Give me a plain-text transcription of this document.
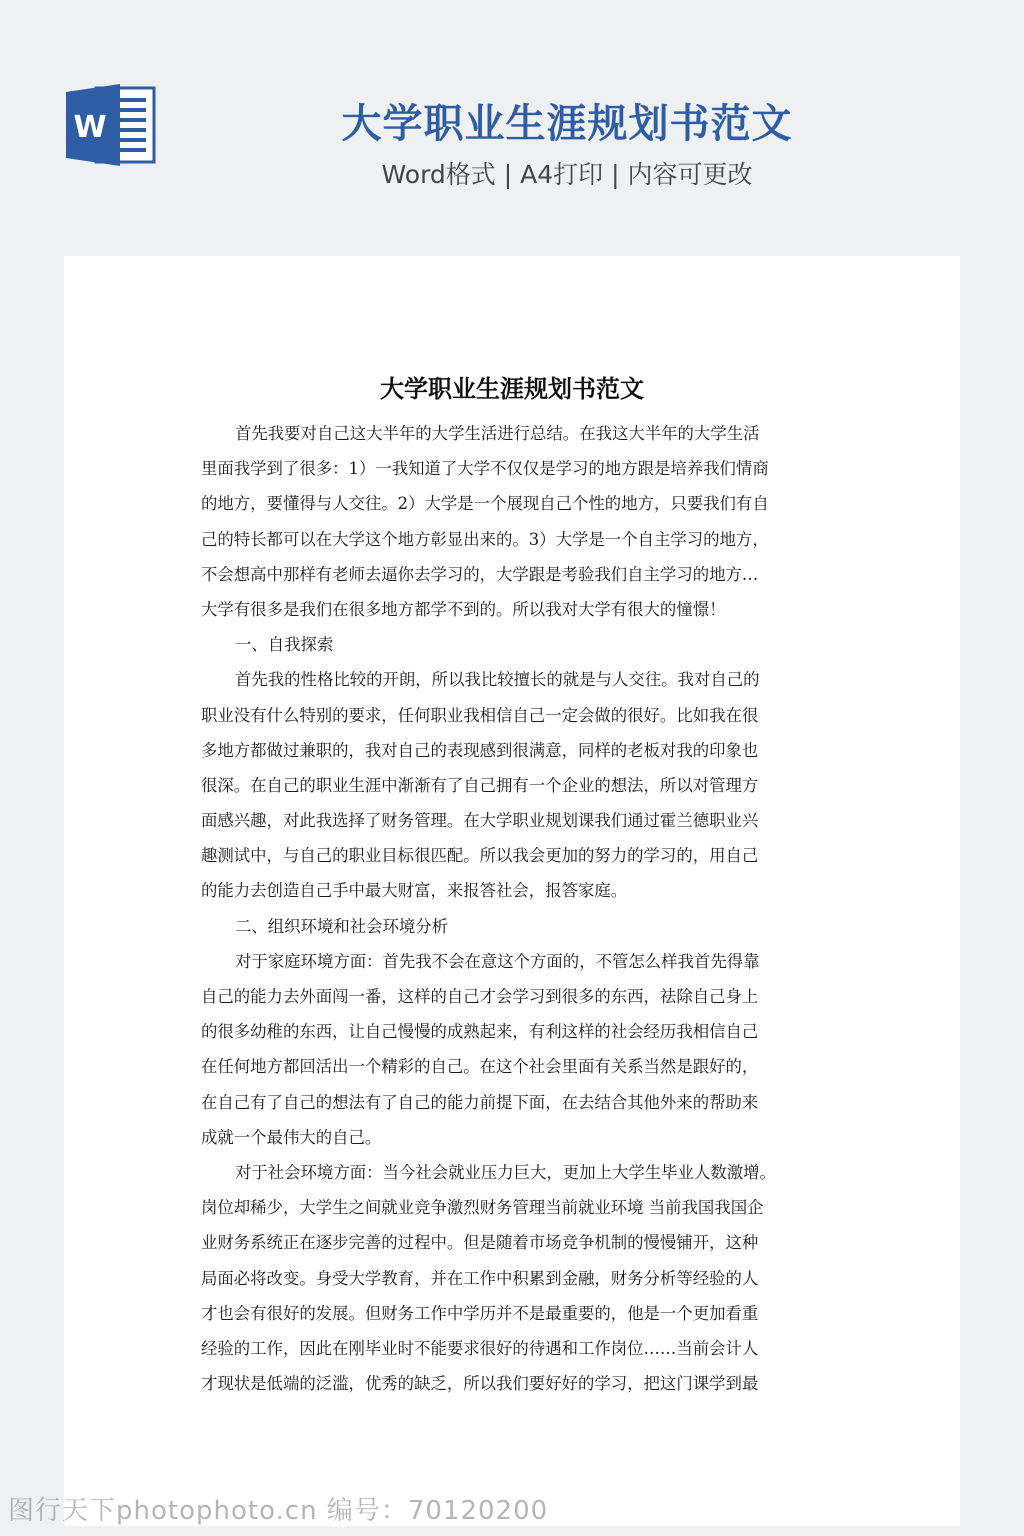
W	大学职业生涯规划书范文
Word格式 | A4打印 | 内容可更改
大学职业生涯规划书范文
首先我要对自己这大半年的大学生活进行总结。在我这大半年的大学生活
里面我学到了很多：1）一我知道了大学不仅仅是学习的地方跟是培养我们情商
的地方，要懂得与人交往。2）大学是一个展现自己个性的地方，只要我们有自
己的特长都可以在大学这个地方彰显出来的。3）大学是一个自主学习的地方，
不会想高中那样有老师去逼你去学习的，大学跟是考验我们自主学习的地方…
大学有很多是我们在很多地方都学不到的。所以我对大学有很大的憧憬！
一、自我探索
首先我的性格比较的开朗，所以我比较擅长的就是与人交往。我对自己的
职业没有什么特别的要求，任何职业我相信自己一定会做的很好。比如我在很
多地方都做过兼职的，我对自己的表现感到很满意，同样的老板对我的印象也
很深。在自己的职业生涯中渐渐有了自己拥有一个企业的想法，所以对管理方
面感兴趣，对此我选择了财务管理。在大学职业规划课我们通过霍兰德职业兴
趣测试中，与自己的职业目标很匹配。所以我会更加的努力的学习的，用自己
的能力去创造自己手中最大财富，来报答社会，报答家庭。
二、组织环境和社会环境分析
对于家庭环境方面：首先我不会在意这个方面的，不管怎么样我首先得靠
自己的能力去外面闯一番，这样的自己才会学习到很多的东西，祛除自己身上
的很多幼稚的东西，让自己慢慢的成熟起来，有利这样的社会经历我相信自己
在任何地方都回活出一个精彩的自己。在这个社会里面有关系当然是跟好的，
在自己有了自己的想法有了自己的能力前提下面，在去结合其他外来的帮助来
成就一个最伟大的自己。
对于社会环境方面：当今社会就业压力巨大，更加上大学生毕业人数激增。
岗位却稀少，大学生之间就业竞争激烈财务管理当前就业环境 当前我国我国企
业财务系统正在逐步完善的过程中。但是随着市场竞争机制的慢慢铺开，这种
局面必将改变。身受大学教育，并在工作中积累到金融，财务分析等经验的人
才也会有很好的发展。但财务工作中学历并不是最重要的，他是一个更加看重
经验的工作，因此在刚毕业时不能要求很好的待遇和工作岗位……当前会计人
才现状是低端的泛滥，优秀的缺乏，所以我们要好好的学习，把这门课学到最
图行天下photophoto.cn 编号：70120200
